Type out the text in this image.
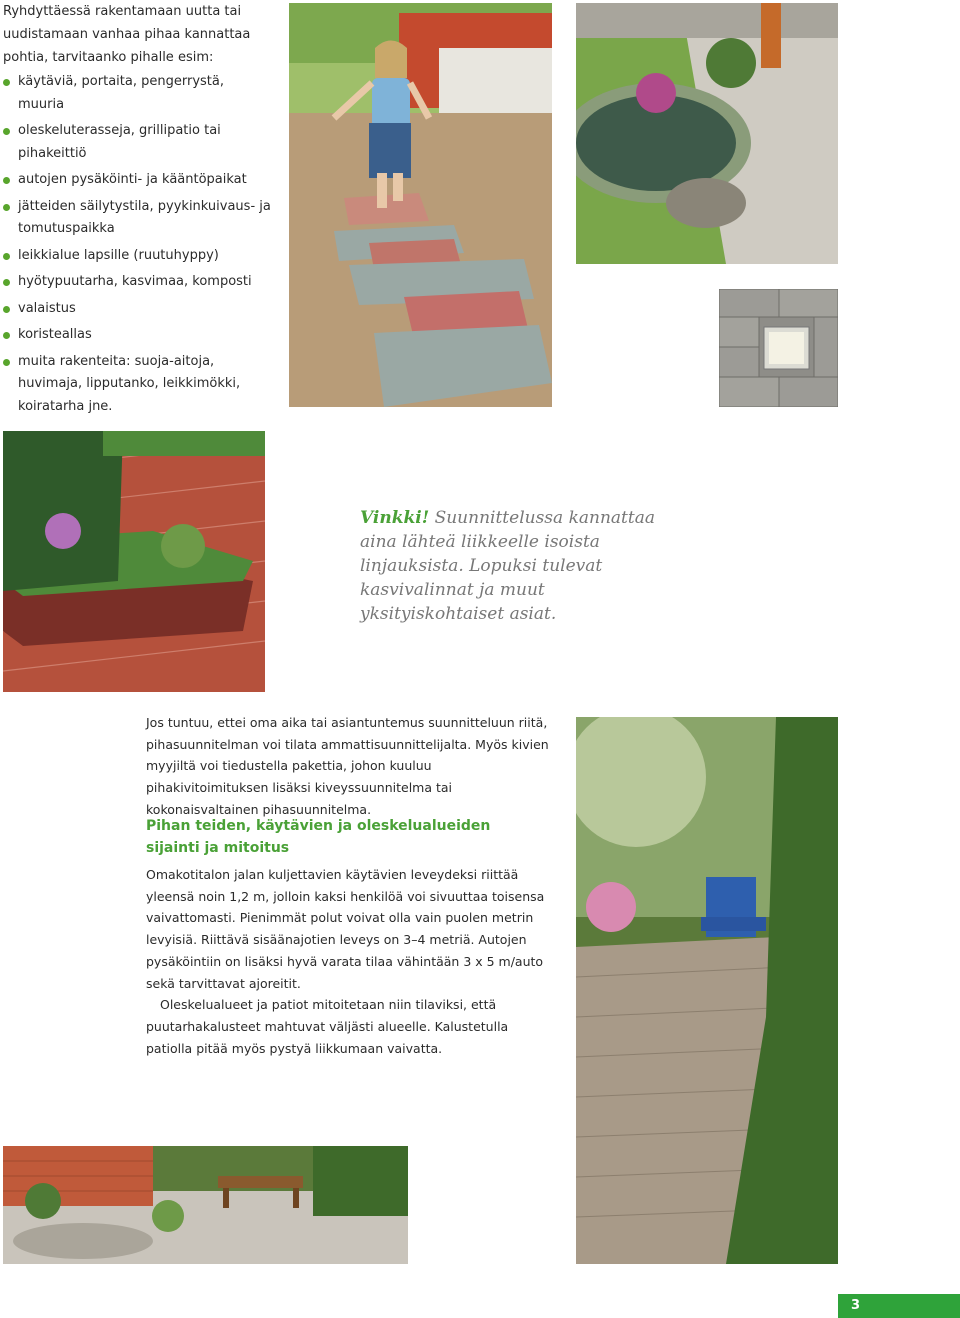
Ryhdyttäessä rakentamaan uutta tai uudistamaan vanhaa pihaa kannattaa pohtia, tarvitaanko pihalle esim:

käytäviä, portaita, pengerrystä, muuria
oleskeluterasseja, grillipatio tai pihakeittiö
autojen pysäköinti- ja kääntöpaikat
jätteiden säilytystila, pyykinkuivaus- ja tomutuspaikka
leikkialue lapsille (ruutuhyppy)
hyötypuutarha, kasvimaa, komposti
valaistus
koristeallas
muita rakenteita: suoja-aitoja, huvimaja, lipputanko, leikkimökki, koiratarha jne.
Vinkki! Suunnittelussa kannattaa aina lähteä liikkeelle isoista linjauksista. Lopuksi tulevat kasvivalinnat ja muut yksityiskohtaiset asiat.

Jos tuntuu, ettei oma aika tai asiantuntemus suunnitteluun riitä, pihasuunnitelman voi tilata ammattisuunnittelijalta. Myös kivien myyjiltä voi tiedustella pakettia, johon kuuluu pihakivitoimituksen lisäksi kiveyssuunnitelma tai kokonaisvaltainen pihasuunnitelma.

Pihan teiden, käytävien ja oleskelualueiden sijainti ja mitoitus

Omakotitalon jalan kuljettavien käytävien leveydeksi riittää yleensä noin 1,2 m, jolloin kaksi henkilöä voi sivuuttaa toisensa vaivattomasti. Pienimmät polut voivat olla vain puolen metrin levyisiä. Riittävä sisäänajotien leveys on 3–4 metriä. Autojen pysäköintiin on lisäksi hyvä varata tilaa vähintään 3 x 5 m/auto sekä tarvittavat ajoreitit.

Oleskelualueet ja patiot mitoitetaan niin tilaviksi, että puutarhakalusteet mahtuvat väljästi alueelle. Kalustetulla patiolla pitää myös pystyä liikkumaan vaivatta.

3
